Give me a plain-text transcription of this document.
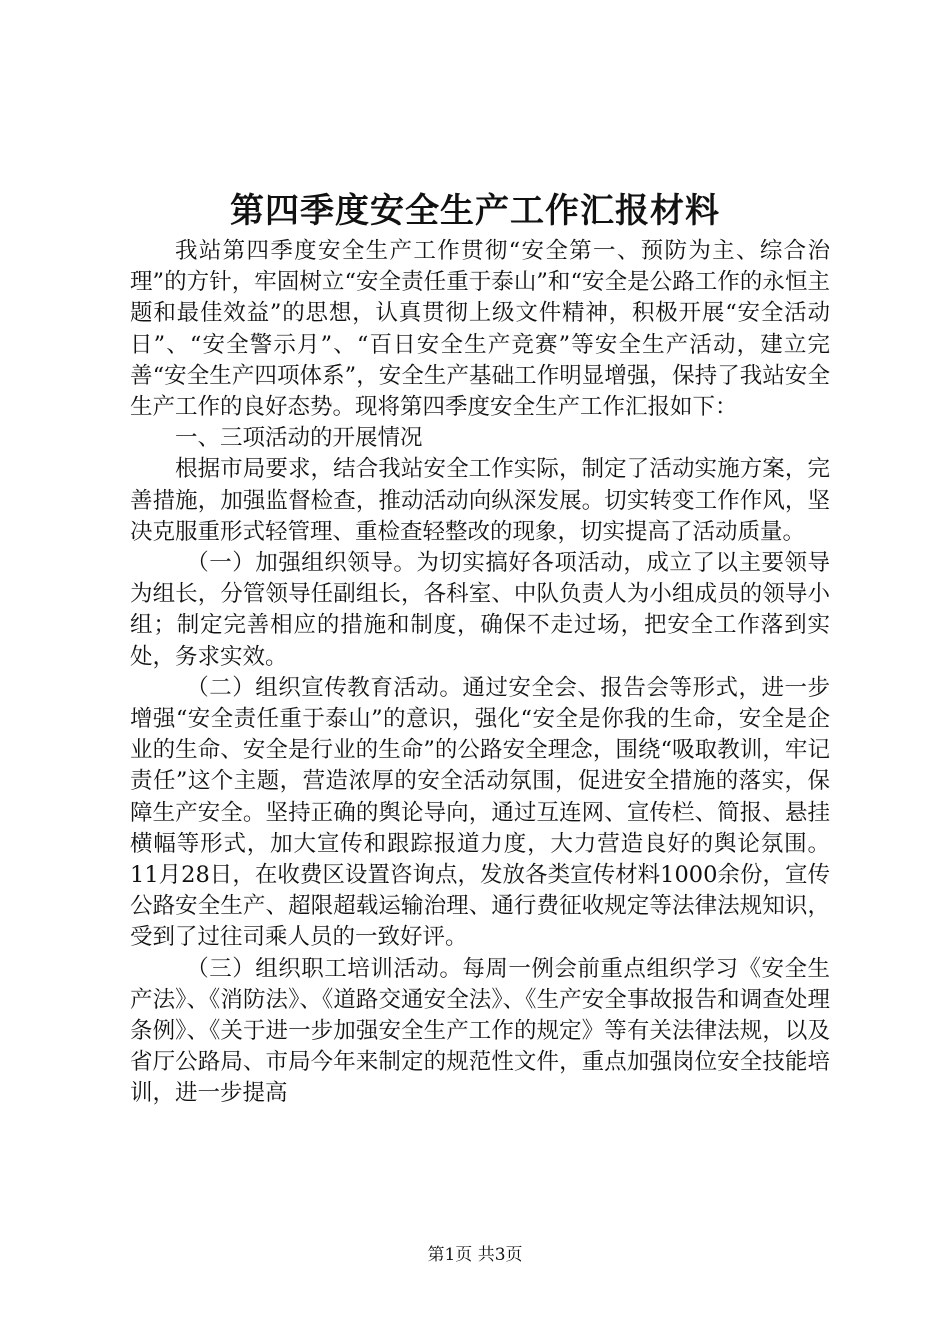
第四季度安全生产工作汇报材料

我站第四季度安全生产工作贯彻“安全第一、预防为主、综合治理”的方针，牢固树立“安全责任重于泰山”和“安全是公路工作的永恒主题和最佳效益”的思想，认真贯彻上级文件精神，积极开展“安全活动日”、“安全警示月”、“百日安全生产竞赛”等安全生产活动，建立完善“安全生产四项体系”，安全生产基础工作明显增强，保持了我站安全生产工作的良好态势。现将第四季度安全生产工作汇报如下：

一、三项活动的开展情况

根据市局要求，结合我站安全工作实际，制定了活动实施方案，完善措施，加强监督检查，推动活动向纵深发展。切实转变工作作风，坚决克服重形式轻管理、重检查轻整改的现象，切实提高了活动质量。

（一）加强组织领导。为切实搞好各项活动，成立了以主要领导为组长，分管领导任副组长，各科室、中队负责人为小组成员的领导小组；制定完善相应的措施和制度，确保不走过场，把安全工作落到实处，务求实效。

（二）组织宣传教育活动。通过安全会、报告会等形式，进一步增强“安全责任重于泰山”的意识，强化“安全是你我的生命，安全是企业的生命、安全是行业的生命”的公路安全理念，围绕“吸取教训，牢记责任”这个主题，营造浓厚的安全活动氛围，促进安全措施的落实，保障生产安全。坚持正确的舆论导向，通过互连网、宣传栏、简报、悬挂横幅等形式，加大宣传和跟踪报道力度，大力营造良好的舆论氛围。11月28日，在收费区设置咨询点，发放各类宣传材料1000余份，宣传公路安全生产、超限超载运输治理、通行费征收规定等法律法规知识，受到了过往司乘人员的一致好评。

（三）组织职工培训活动。每周一例会前重点组织学习《安全生产法》、《消防法》、《道路交通安全法》、《生产安全事故报告和调查处理条例》、《关于进一步加强安全生产工作的规定》等有关法律法规，以及省厅公路局、市局今年来制定的规范性文件，重点加强岗位安全技能培训，进一步提高

第1页 共3页
